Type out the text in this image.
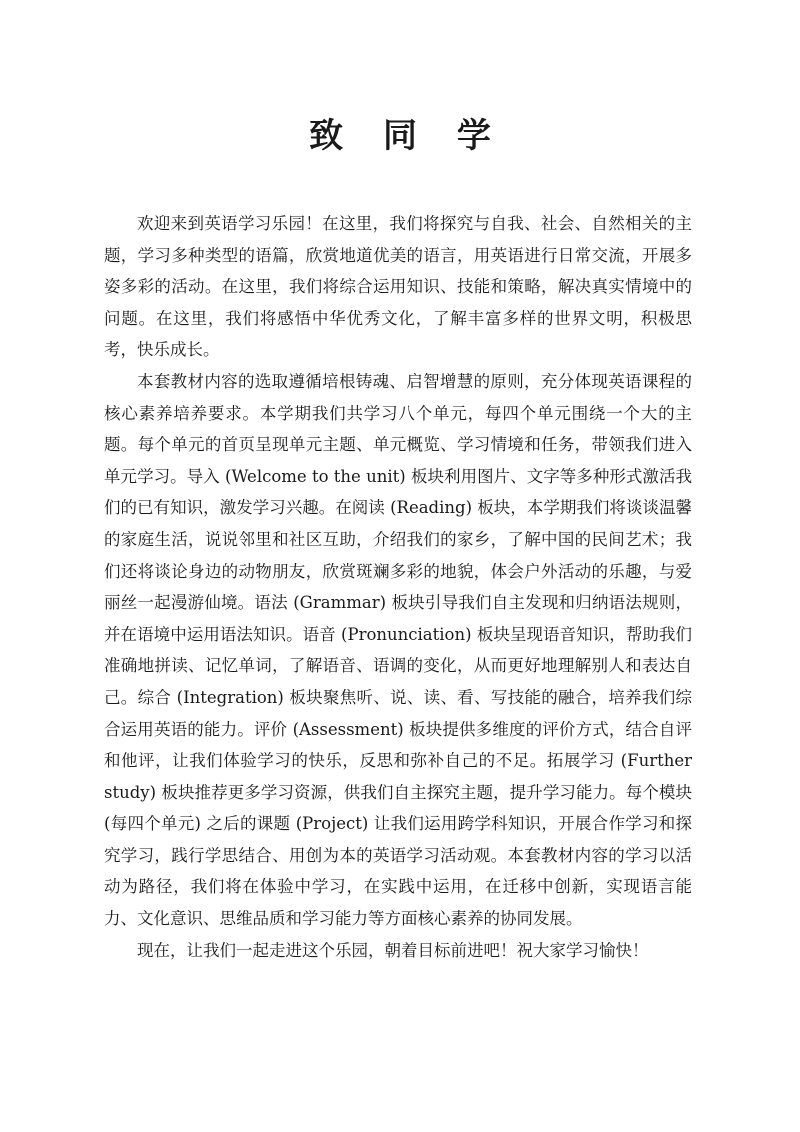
致 同 学

欢迎来到英语学习乐园！在这里，我们将探究与自我、社会、自然相关的主题，学习多种类型的语篇，欣赏地道优美的语言，用英语进行日常交流，开展多姿多彩的活动。在这里，我们将综合运用知识、技能和策略，解决真实情境中的问题。在这里，我们将感悟中华优秀文化，了解丰富多样的世界文明，积极思考，快乐成长。

本套教材内容的选取遵循培根铸魂、启智增慧的原则，充分体现英语课程的核心素养培养要求。本学期我们共学习八个单元，每四个单元围绕一个大的主题。每个单元的首页呈现单元主题、单元概览、学习情境和任务，带领我们进入单元学习。导入 (Welcome to the unit) 板块利用图片、文字等多种形式激活我们的已有知识，激发学习兴趣。在阅读 (Reading) 板块，本学期我们将谈谈温馨的家庭生活，说说邻里和社区互助，介绍我们的家乡，了解中国的民间艺术；我们还将谈论身边的动物朋友，欣赏斑斓多彩的地貌，体会户外活动的乐趣，与爱丽丝一起漫游仙境。语法 (Grammar) 板块引导我们自主发现和归纳语法规则，并在语境中运用语法知识。语音 (Pronunciation) 板块呈现语音知识，帮助我们准确地拼读、记忆单词，了解语音、语调的变化，从而更好地理解别人和表达自己。综合 (Integration) 板块聚焦听、说、读、看、写技能的融合，培养我们综合运用英语的能力。评价 (Assessment) 板块提供多维度的评价方式，结合自评和他评，让我们体验学习的快乐，反思和弥补自己的不足。拓展学习 (Further study) 板块推荐更多学习资源，供我们自主探究主题，提升学习能力。每个模块 (每四个单元) 之后的课题 (Project) 让我们运用跨学科知识，开展合作学习和探究学习，践行学思结合、用创为本的英语学习活动观。本套教材内容的学习以活动为路径，我们将在体验中学习，在实践中运用，在迁移中创新，实现语言能力、文化意识、思维品质和学习能力等方面核心素养的协同发展。

现在，让我们一起走进这个乐园，朝着目标前进吧！祝大家学习愉快！
